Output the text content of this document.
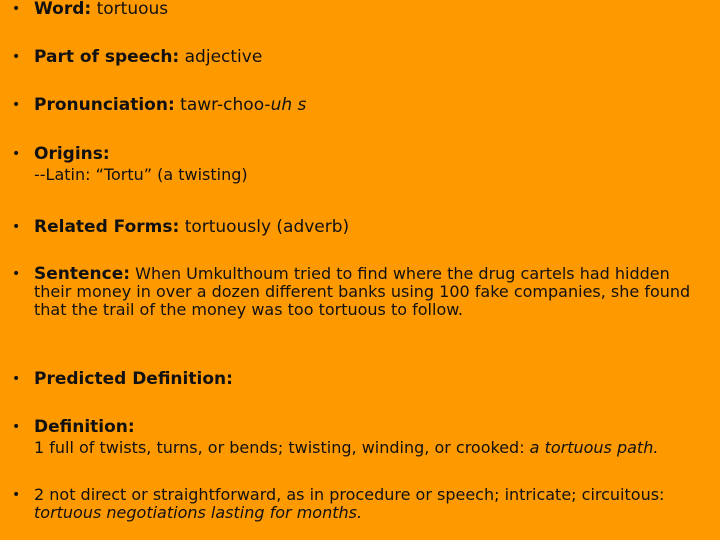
• Word: tortuous
• Part of speech: adjective
• Pronunciation: tawr-choo-uh s
• Origins:
--Latin: “Tortu” (a twisting)
• Related Forms: tortuously (adverb)
• Sentence: When Umkulthoum tried to find where the drug cartels had hidden their money in over a dozen different banks using 100 fake companies, she found that the trail of the money was too tortuous to follow.
• Predicted Definition:
• Definition:
1 full of twists, turns, or bends; twisting, winding, or crooked: a tortuous path.
• 2 not direct or straightforward, as in procedure or speech; intricate; circuitous: tortuous negotiations lasting for months.
